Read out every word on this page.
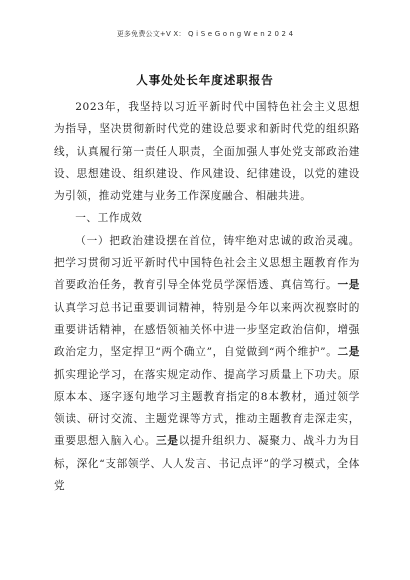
更多免费公文+V X： Q i S e G o n g W e n 2 0 2 4
人事处处长年度述职报告

2023年，我坚持以习近平新时代中国特色社会主义思想为指导，坚决贯彻新时代党的建设总要求和新时代党的组织路线，认真履行第一责任人职责，全面加强人事处党支部政治建设、思想建设、组织建设、作风建设、纪律建设，以党的建设为引领，推动党建与业务工作深度融合、相融共进。

一、工作成效

（一）把政治建设摆在首位，铸牢绝对忠诚的政治灵魂。把学习贯彻习近平新时代中国特色社会主义思想主题教育作为首要政治任务，教育引导全体党员学深悟透、真信笃行。一是认真学习总书记重要训词精神，特别是今年以来两次视察时的重要讲话精神，在感悟领袖关怀中进一步坚定政治信仰，增强政治定力，坚定捍卫“两个确立”，自觉做到“两个维护”。二是抓实理论学习，在落实规定动作、提高学习质量上下功夫。原原本本、逐字逐句地学习主题教育指定的8本教材，通过领学领读、研讨交流、主题党课等方式，推动主题教育走深走实，重要思想入脑入心。三是以提升组织力、凝聚力、战斗力为目标，深化“支部领学、人人发言、书记点评”的学习模式，全体党
